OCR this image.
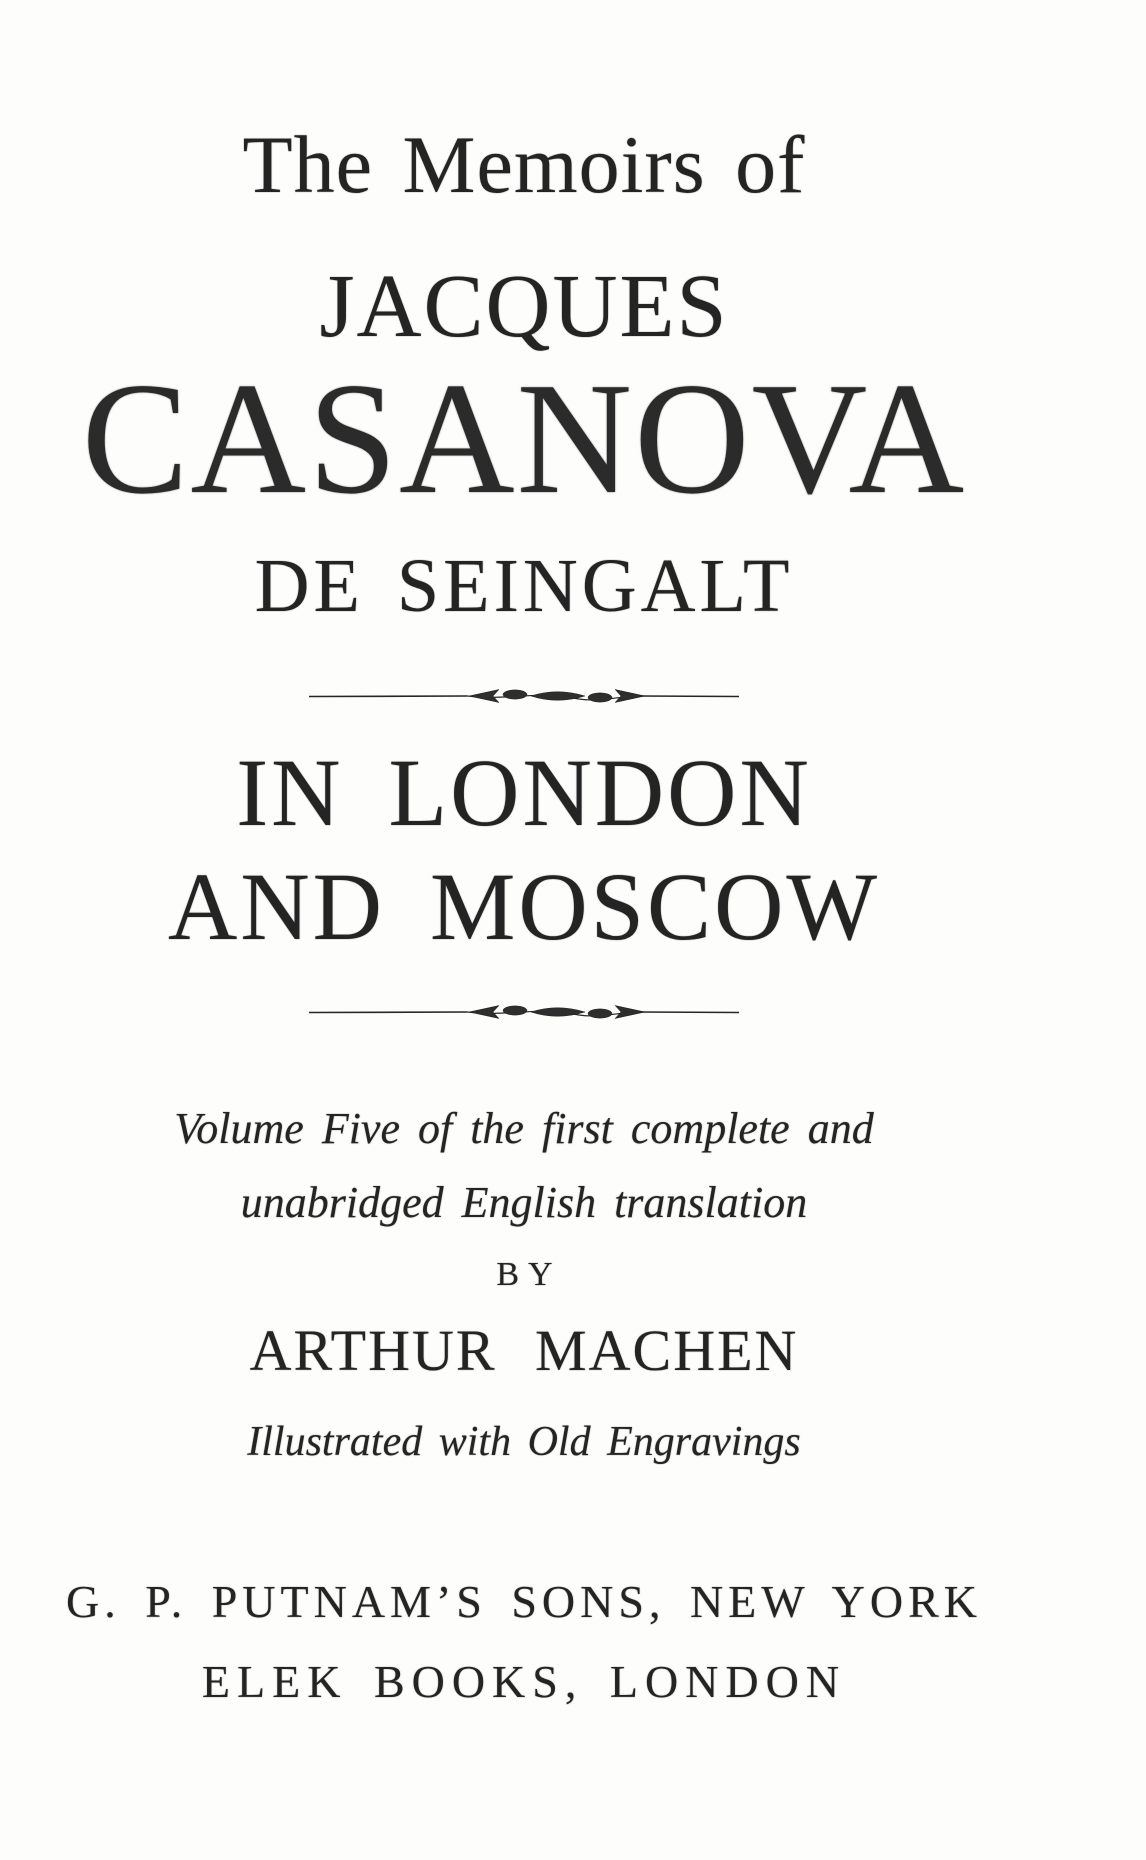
The Memoirs of
JACQUES
CASANOVA
DE SEINGALT
IN LONDON
AND MOSCOW
Volume Five of the first complete and
unabridged English translation
BY
ARTHUR MACHEN
Illustrated with Old Engravings
G. P. PUTNAM’S SONS, NEW YORK
ELEK BOOKS, LONDON
